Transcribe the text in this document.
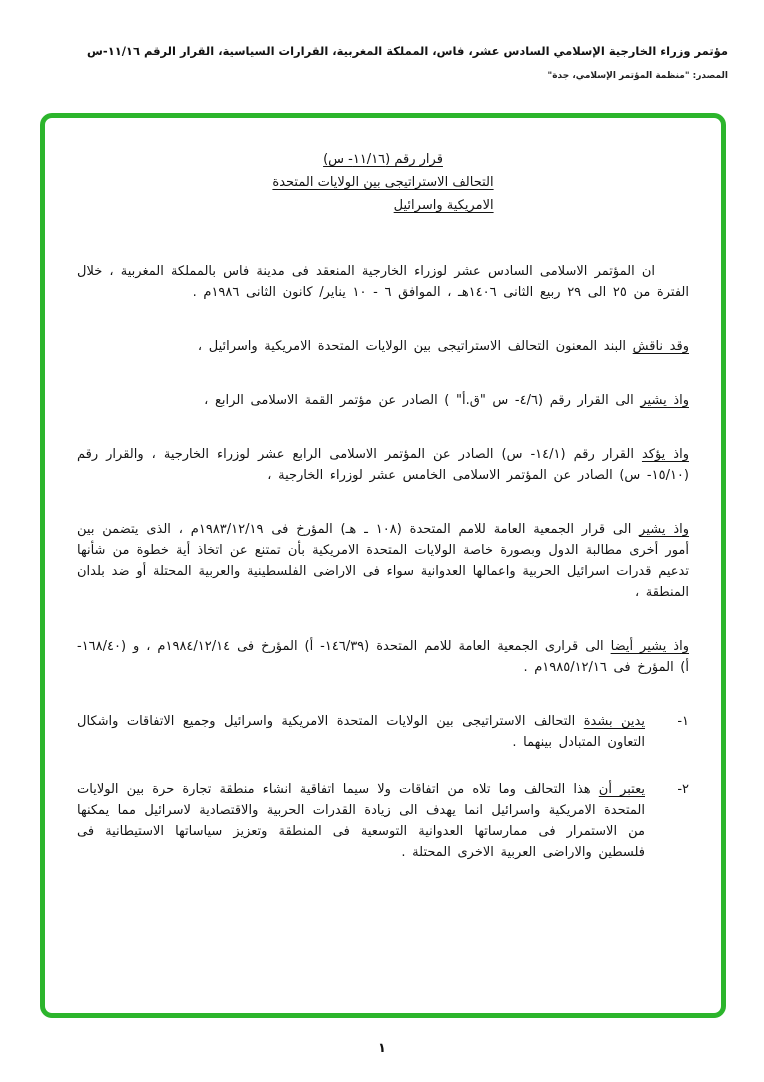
مؤتمر وزراء الخارجية الإسلامي السادس عشر، فاس، المملكة المغربية، القرارات السياسية، القرار الرقم ١١/١٦-س
المصدر: "منظمة المؤتمر الإسلامي، جدة"
قرار رقم (١١/١٦- س)
التحالف الاستراتيجى بين الولايات المتحدة
الامريكية واسرائيل
ان المؤتمر الاسلامى السادس عشر لوزراء الخارجية المنعقد فى مدينة فاس بالمملكة المغربية ، خلال الفترة من ٢٥ الى ٢٩ ربيع الثانى ١٤٠٦هـ ، الموافق ٦ - ١٠ يناير/ كانون الثانى ١٩٨٦م .
وقد ناقش البند المعنون التحالف الاستراتيجى بين الولايات المتحدة الامريكية واسرائيل ،
واذ يشير الى القرار رقم (٤/٦- س "ق.أ" ) الصادر عن مؤتمر القمة الاسلامى الرابع ،
واذ يؤكد القرار رقم (١٤/١- س) الصادر عن المؤتمر الاسلامى الرابع عشر لوزراء الخارجية ، والقرار رقم (١٥/١٠- س) الصادر عن المؤتمر الاسلامى الخامس عشر لوزراء الخارجية ،
واذ يشير الى قرار الجمعية العامة للامم المتحدة (١٠٨ ـ هـ) المؤرخ فى ١٩٨٣/١٢/١٩م ، الذى يتضمن بين أمور أخرى مطالبة الدول وبصورة خاصة الولايات المتحدة الامريكية بأن تمتنع عن اتخاذ أية خطوة من شأنها تدعيم قدرات اسرائيل الحربية واعمالها العدوانية سواء فى الاراضى الفلسطينية والعربية المحتلة أو ضد بلدان المنطقة ،
واذ يشير أيضا الى قرارى الجمعية العامة للامم المتحدة (١٤٦/٣٩- أ) المؤرخ فى ١٩٨٤/١٢/١٤م ، و (١٦٨/٤٠- أ) المؤرخ فى ١٩٨٥/١٢/١٦م .
١-
يدين بشدة التحالف الاستراتيجى بين الولايات المتحدة الامريكية واسرائيل وجميع الاتفاقات واشكال التعاون المتبادل بينهما .
٢-
يعتبر أن هذا التحالف وما تلاه من اتفاقات ولا سيما اتفاقية انشاء منطقة تجارة حرة بين الولايات المتحدة الامريكية واسرائيل انما يهدف الى زيادة القدرات الحربية والاقتصادية لاسرائيل مما يمكنها من الاستمرار فى ممارساتها العدوانية التوسعية فى المنطقة وتعزيز سياساتها الاستيطانية فى فلسطين والاراضى العربية الاخرى المحتلة .
١
